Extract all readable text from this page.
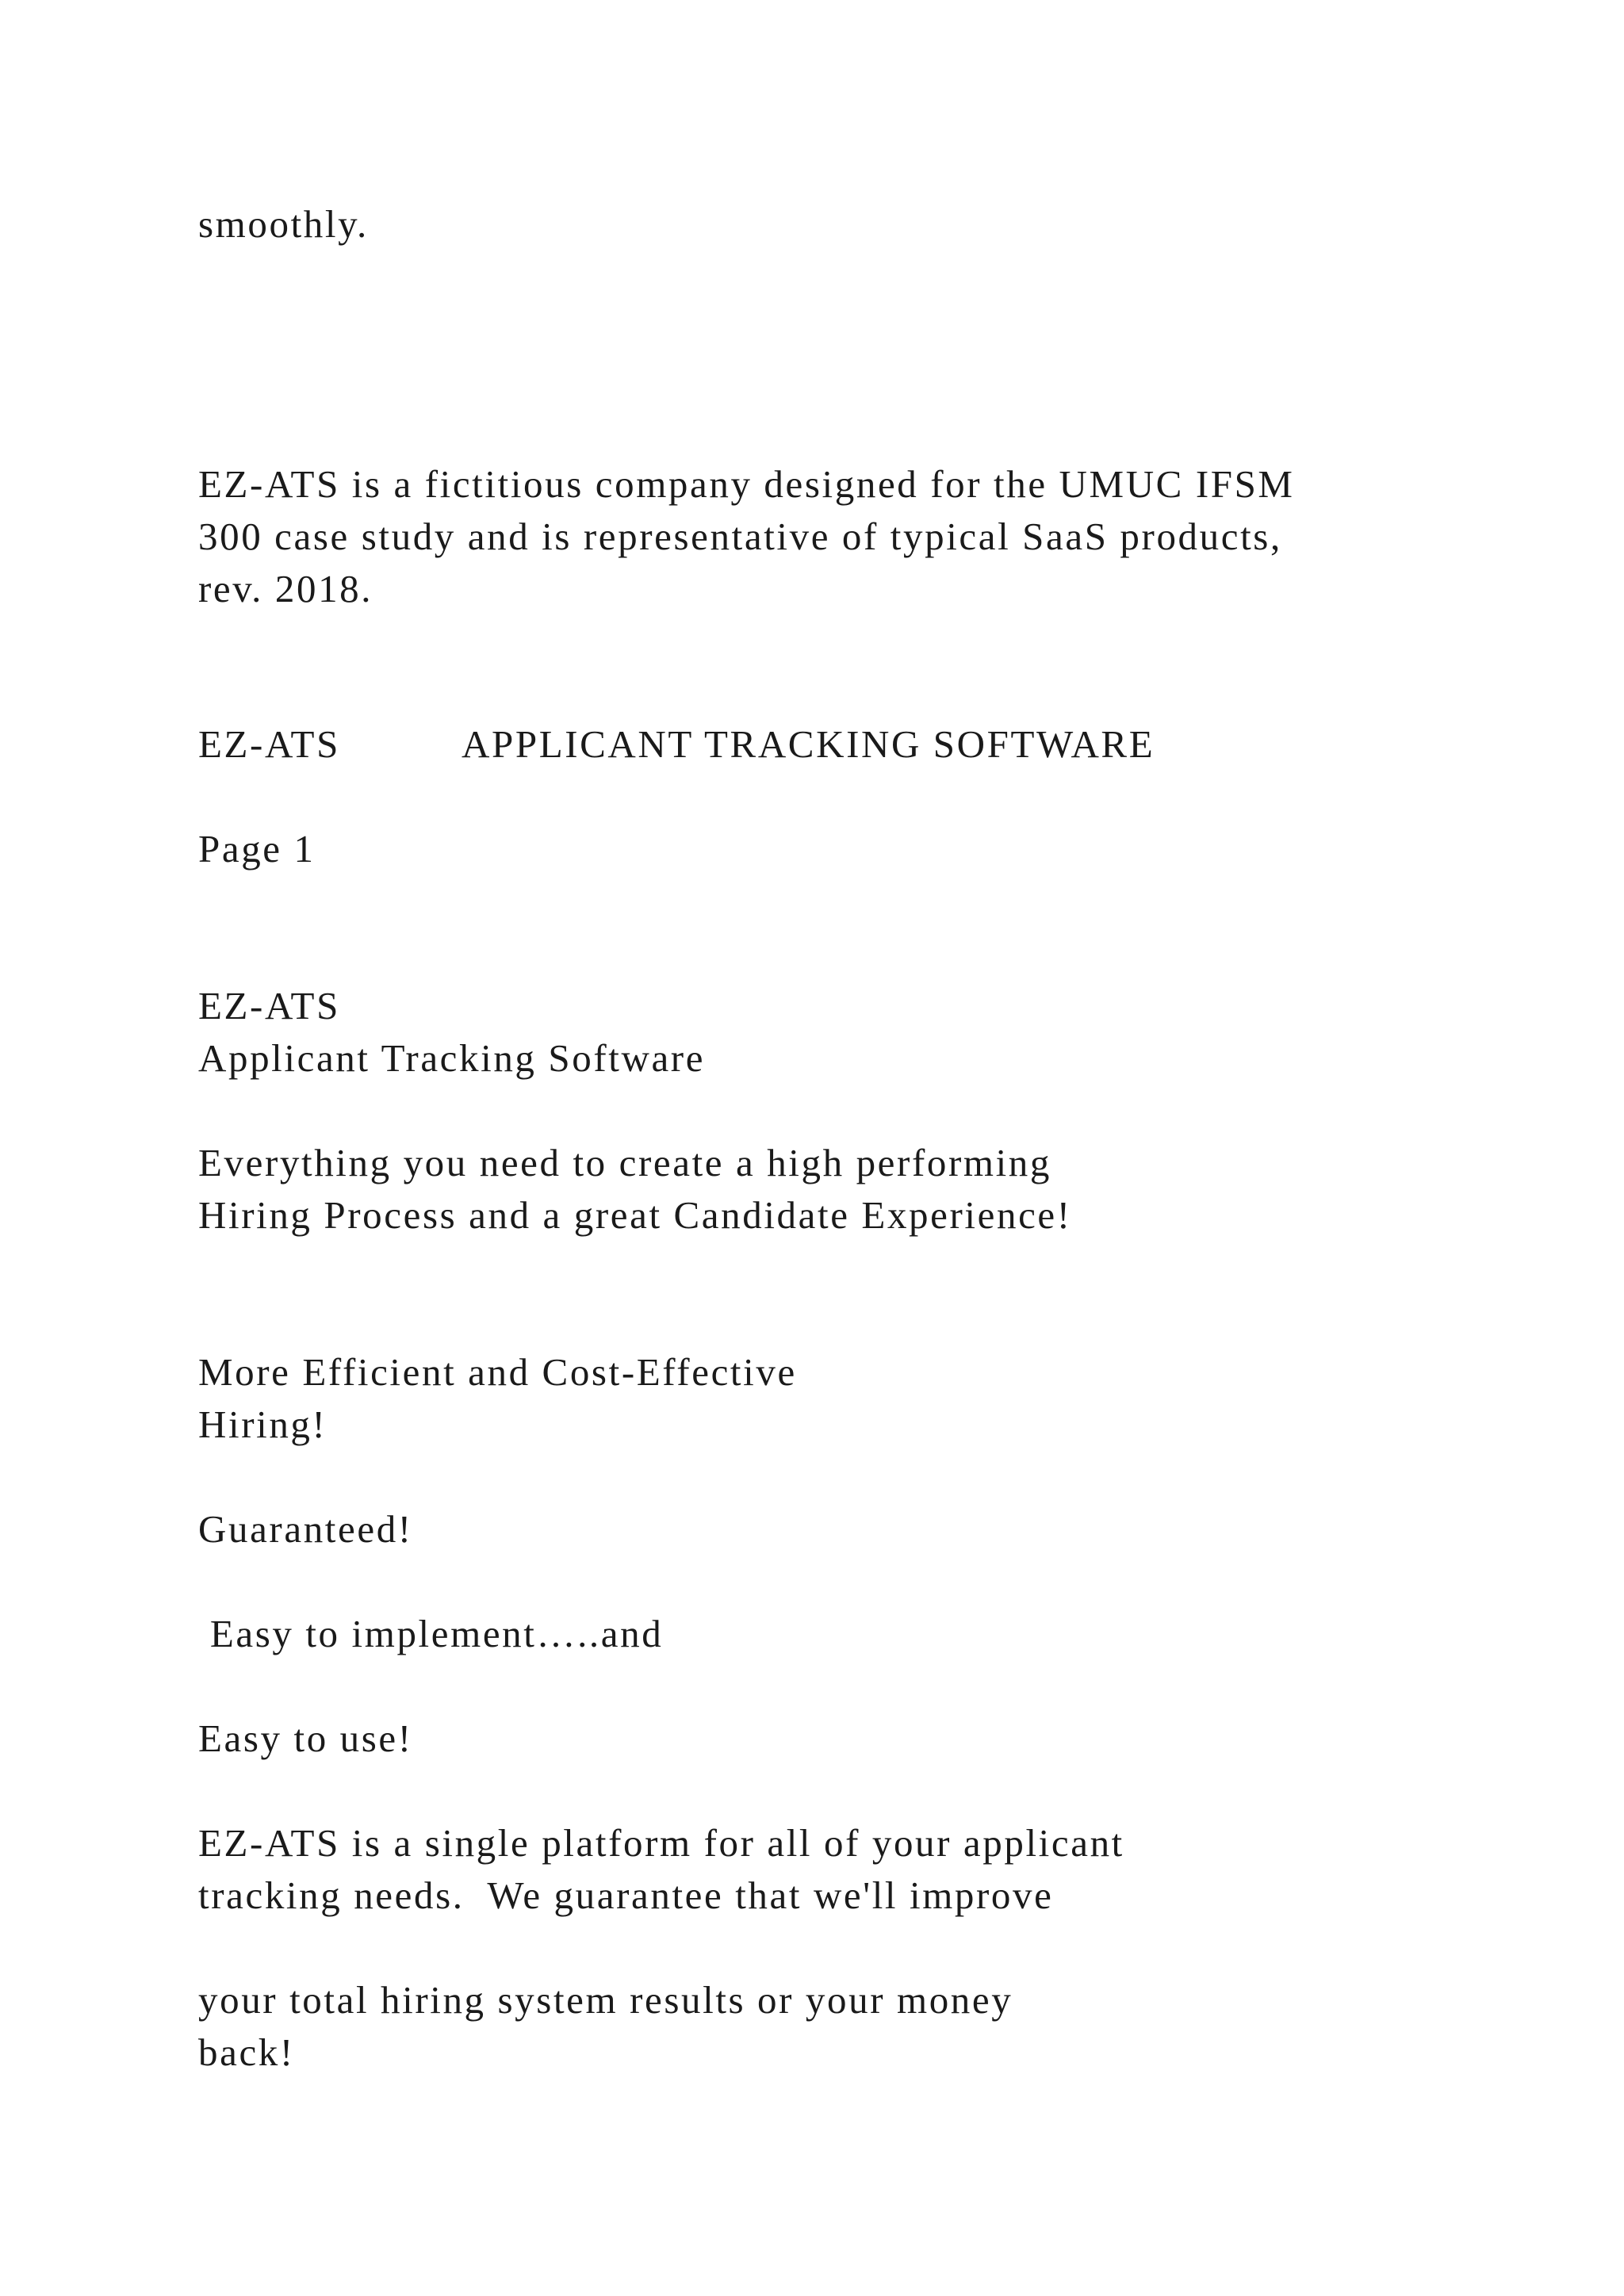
smoothly.

EZ-ATS is a fictitious company designed for the UMUC IFSM

300 case study and is representative of typical SaaS products,

rev. 2018.

EZ-ATS	APPLICANT TRACKING SOFTWARE

Page 1

EZ-ATS

Applicant Tracking Software

Everything you need to create a high performing

Hiring Process and a great Candidate Experience!

More Efficient and Cost-Effective

Hiring!

Guaranteed!

Easy to implement…..and

Easy to use!

EZ-ATS is a single platform for all of your applicant

tracking needs.  We guarantee that we'll improve

your total hiring system results or your money

back!
